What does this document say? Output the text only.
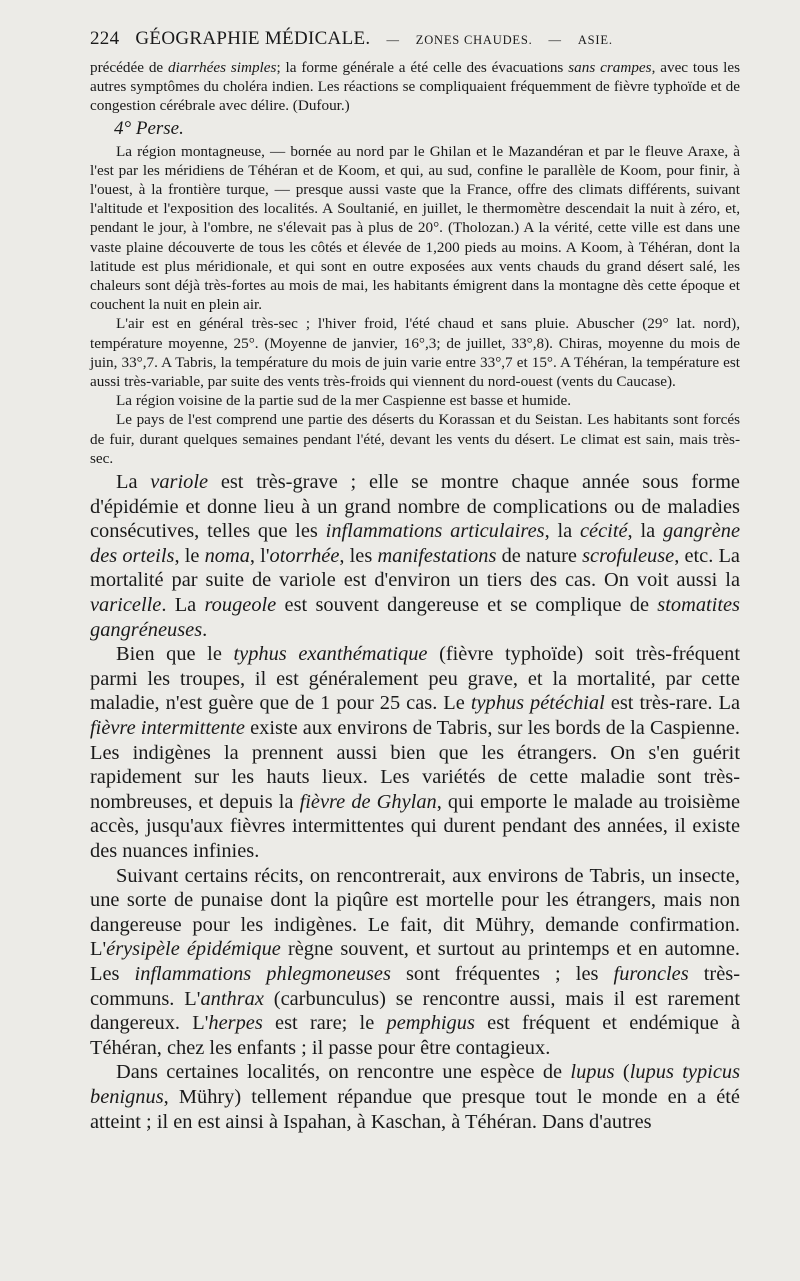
224 GÉOGRAPHIE MÉDICALE. — ZONES CHAUDES. — ASIE.

précédée de diarrhées simples; la forme générale a été celle des évacuations sans crampes, avec tous les autres symptômes du choléra indien. Les réactions se compliquaient fréquemment de fièvre typhoïde et de congestion cérébrale avec délire. (Dufour.)

4° Perse.

La région montagneuse, — bornée au nord par le Ghilan et le Mazandéran et par le fleuve Araxe, à l'est par les méridiens de Téhéran et de Koom, et qui, au sud, confine le parallèle de Koom, pour finir, à l'ouest, à la frontière turque, — presque aussi vaste que la France, offre des climats différents, suivant l'altitude et l'exposition des localités. A Soultanié, en juillet, le thermomètre descendait la nuit à zéro, et, pendant le jour, à l'ombre, ne s'élevait pas à plus de 20°. (Tholozan.) A la vérité, cette ville est dans une vaste plaine découverte de tous les côtés et élevée de 1,200 pieds au moins. A Koom, à Téhéran, dont la latitude est plus méridionale, et qui sont en outre exposées aux vents chauds du grand désert salé, les chaleurs sont déjà très-fortes au mois de mai, les habitants émigrent dans la montagne dès cette époque et couchent la nuit en plein air.

L'air est en général très-sec ; l'hiver froid, l'été chaud et sans pluie. Abuscher (29° lat. nord), température moyenne, 25°. (Moyenne de janvier, 16°,3; de juillet, 33°,8). Chiras, moyenne du mois de juin, 33°,7. A Tabris, la température du mois de juin varie entre 33°,7 et 15°. A Téhéran, la température est aussi très-variable, par suite des vents très-froids qui viennent du nord-ouest (vents du Caucase).

La région voisine de la partie sud de la mer Caspienne est basse et humide.

Le pays de l'est comprend une partie des déserts du Korassan et du Seistan. Les habitants sont forcés de fuir, durant quelques semaines pendant l'été, devant les vents du désert. Le climat est sain, mais très-sec.

La variole est très-grave ; elle se montre chaque année sous forme d'épidémie et donne lieu à un grand nombre de complications ou de maladies consécutives, telles que les inflammations articulaires, la cécité, la gangrène des orteils, le noma, l'otorrhée, les manifestations de nature scrofuleuse, etc. La mortalité par suite de variole est d'environ un tiers des cas. On voit aussi la varicelle. La rougeole est souvent dangereuse et se complique de stomatites gangréneuses.

Bien que le typhus exanthématique (fièvre typhoïde) soit très-fréquent parmi les troupes, il est généralement peu grave, et la mortalité, par cette maladie, n'est guère que de 1 pour 25 cas. Le typhus pétéchial est très-rare. La fièvre intermittente existe aux environs de Tabris, sur les bords de la Caspienne. Les indigènes la prennent aussi bien que les étrangers. On s'en guérit rapidement sur les hauts lieux. Les variétés de cette maladie sont très-nombreuses, et depuis la fièvre de Ghylan, qui emporte le malade au troisième accès, jusqu'aux fièvres intermittentes qui durent pendant des années, il existe des nuances infinies.

Suivant certains récits, on rencontrerait, aux environs de Tabris, un insecte, une sorte de punaise dont la piqûre est mortelle pour les étrangers, mais non dangereuse pour les indigènes. Le fait, dit Mühry, demande confirmation. L'érysipèle épidémique règne souvent, et surtout au printemps et en automne. Les inflammations phlegmoneuses sont fréquentes ; les furoncles très-communs. L'anthrax (carbunculus) se rencontre aussi, mais il est rarement dangereux. L'herpes est rare; le pemphigus est fréquent et endémique à Téhéran, chez les enfants ; il passe pour être contagieux.

Dans certaines localités, on rencontre une espèce de lupus (lupus typicus benignus, Mühry) tellement répandue que presque tout le monde en a été atteint ; il en est ainsi à Ispahan, à Kaschan, à Téhéran. Dans d'autres
